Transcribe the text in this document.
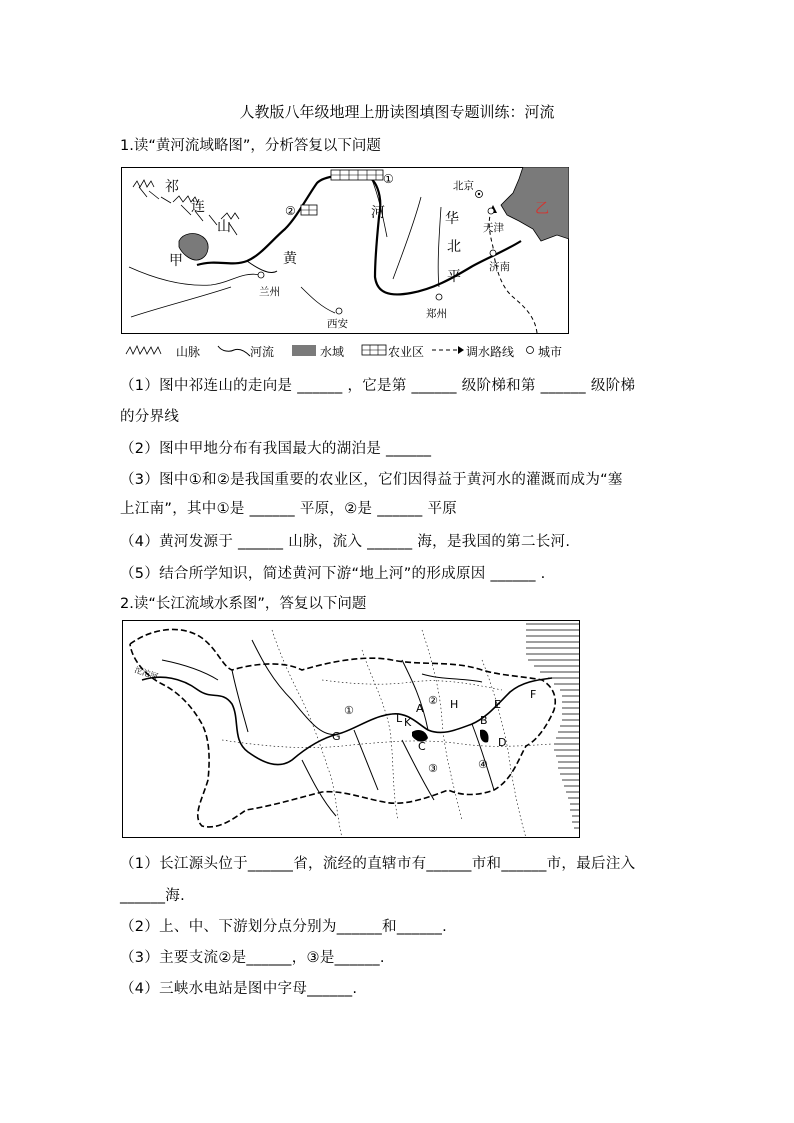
人教版八年级地理上册读图填图专题训练：河流
1.读“黄河流域略图”，分析答复以下问题
祁
连
山
甲	黄
河	华
北
平
兰州
西安
郑州
济南
北京
天津
①
②	乙
山脉	河流	水域	农业区	调水路线 城市
（1）图中祁连山的走向是 ______ ，它是第 ______ 级阶梯和第 ______ 级阶梯
的分界线
（2）图中甲地分布有我国最大的湖泊是 ______
（3）图中①和②是我国重要的农业区，它们因得益于黄河水的灌溉而成为“塞
上江南”，其中①是 ______ 平原，②是 ______ 平原
（4）黄河发源于 ______ 山脉，流入 ______ 海，是我国的第二长河.
（5）结合所学知识，简述黄河下游“地上河”的形成原因 ______ .
2.读“长江流域水系图”，答复以下问题
沱沱河
①
②
③	④
A
B
C	D
E
F
G
H
K
L
（1）长江源头位于______省，流经的直辖市有______市和______市，最后注入
______海.
（2）上、中、下游划分点分别为______和______.
（3）主要支流②是______，③是______.
（4）三峡水电站是图中字母______.
